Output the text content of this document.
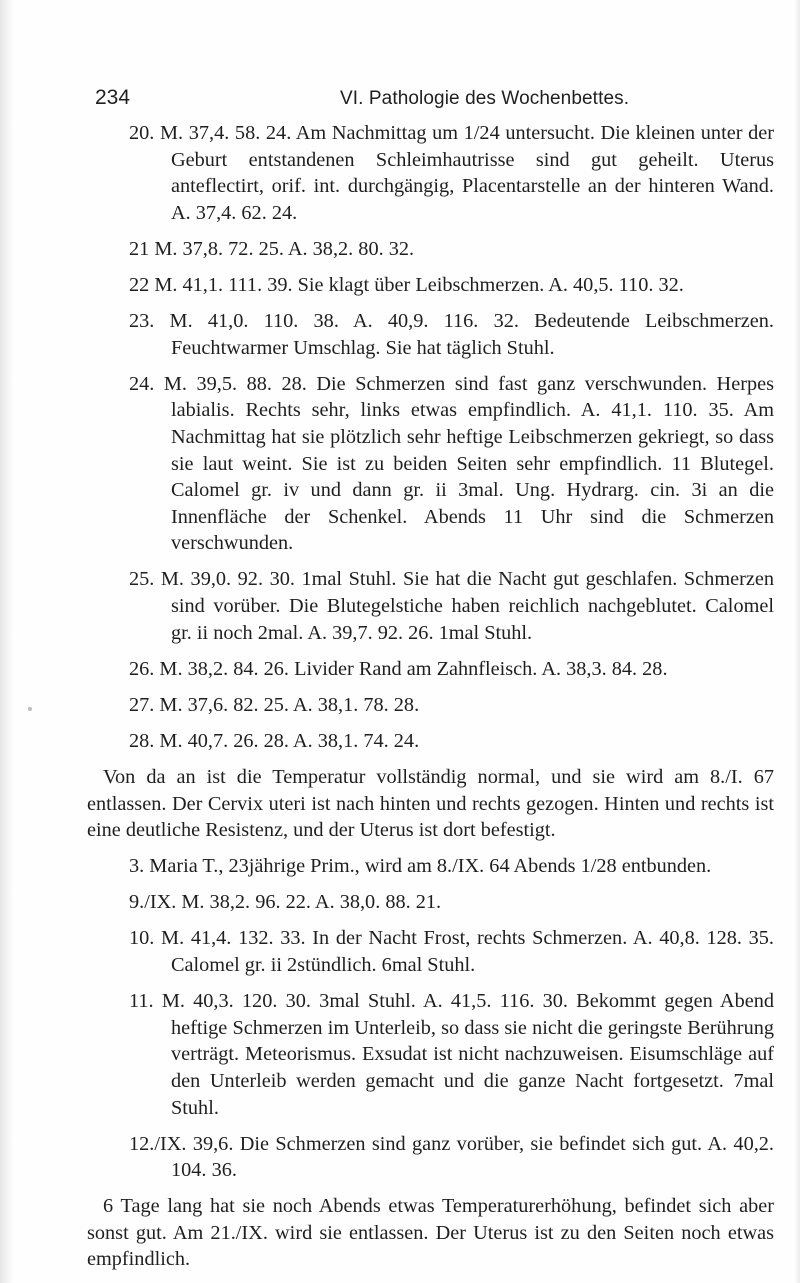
234	VI. Pathologie des Wochenbettes.

20. M. 37,4. 58. 24. Am Nachmittag um 1/24 untersucht. Die kleinen unter der Geburt entstandenen Schleimhautrisse sind gut geheilt. Uterus anteflectirt, orif. int. durchgängig, Placentarstelle an der hinteren Wand. A. 37,4. 62. 24.

21 M. 37,8. 72. 25. A. 38,2. 80. 32.

22 M. 41,1. 111. 39. Sie klagt über Leibschmerzen. A. 40,5. 110. 32.

23. M. 41,0. 110. 38. A. 40,9. 116. 32. Bedeutende Leibschmerzen. Feuchtwarmer Umschlag. Sie hat täglich Stuhl.

24. M. 39,5. 88. 28. Die Schmerzen sind fast ganz verschwunden. Herpes labialis. Rechts sehr, links etwas empfindlich. A. 41,1. 110. 35. Am Nachmittag hat sie plötzlich sehr heftige Leibschmerzen gekriegt, so dass sie laut weint. Sie ist zu beiden Seiten sehr empfindlich. 11 Blutegel. Calomel gr. iv und dann gr. ii 3mal. Ung. Hydrarg. cin. 3i an die Innenfläche der Schenkel. Abends 11 Uhr sind die Schmerzen verschwunden.

25. M. 39,0. 92. 30. 1mal Stuhl. Sie hat die Nacht gut geschlafen. Schmerzen sind vorüber. Die Blutegelstiche haben reichlich nachgeblutet. Calomel gr. ii noch 2mal. A. 39,7. 92. 26. 1mal Stuhl.

26. M. 38,2. 84. 26. Livider Rand am Zahnfleisch. A. 38,3. 84. 28.

27. M. 37,6. 82. 25. A. 38,1. 78. 28.

28. M. 40,7. 26. 28. A. 38,1. 74. 24.

Von da an ist die Temperatur vollständig normal, und sie wird am 8./I. 67 entlassen. Der Cervix uteri ist nach hinten und rechts gezogen. Hinten und rechts ist eine deutliche Resistenz, und der Uterus ist dort befestigt.

3. Maria T., 23jährige Prim., wird am 8./IX. 64 Abends 1/28 entbunden.

9./IX. M. 38,2. 96. 22. A. 38,0. 88. 21.

10. M. 41,4. 132. 33. In der Nacht Frost, rechts Schmerzen. A. 40,8. 128. 35. Calomel gr. ii 2stündlich. 6mal Stuhl.

11. M. 40,3. 120. 30. 3mal Stuhl. A. 41,5. 116. 30. Bekommt gegen Abend heftige Schmerzen im Unterleib, so dass sie nicht die geringste Berührung verträgt. Meteorismus. Exsudat ist nicht nachzuweisen. Eisumschläge auf den Unterleib werden gemacht und die ganze Nacht fortgesetzt. 7mal Stuhl.

12./IX. 39,6. Die Schmerzen sind ganz vorüber, sie befindet sich gut. A. 40,2. 104. 36.

6 Tage lang hat sie noch Abends etwas Temperaturerhöhung, befindet sich aber sonst gut. Am 21./IX. wird sie entlassen. Der Uterus ist zu den Seiten noch etwas empfindlich.
